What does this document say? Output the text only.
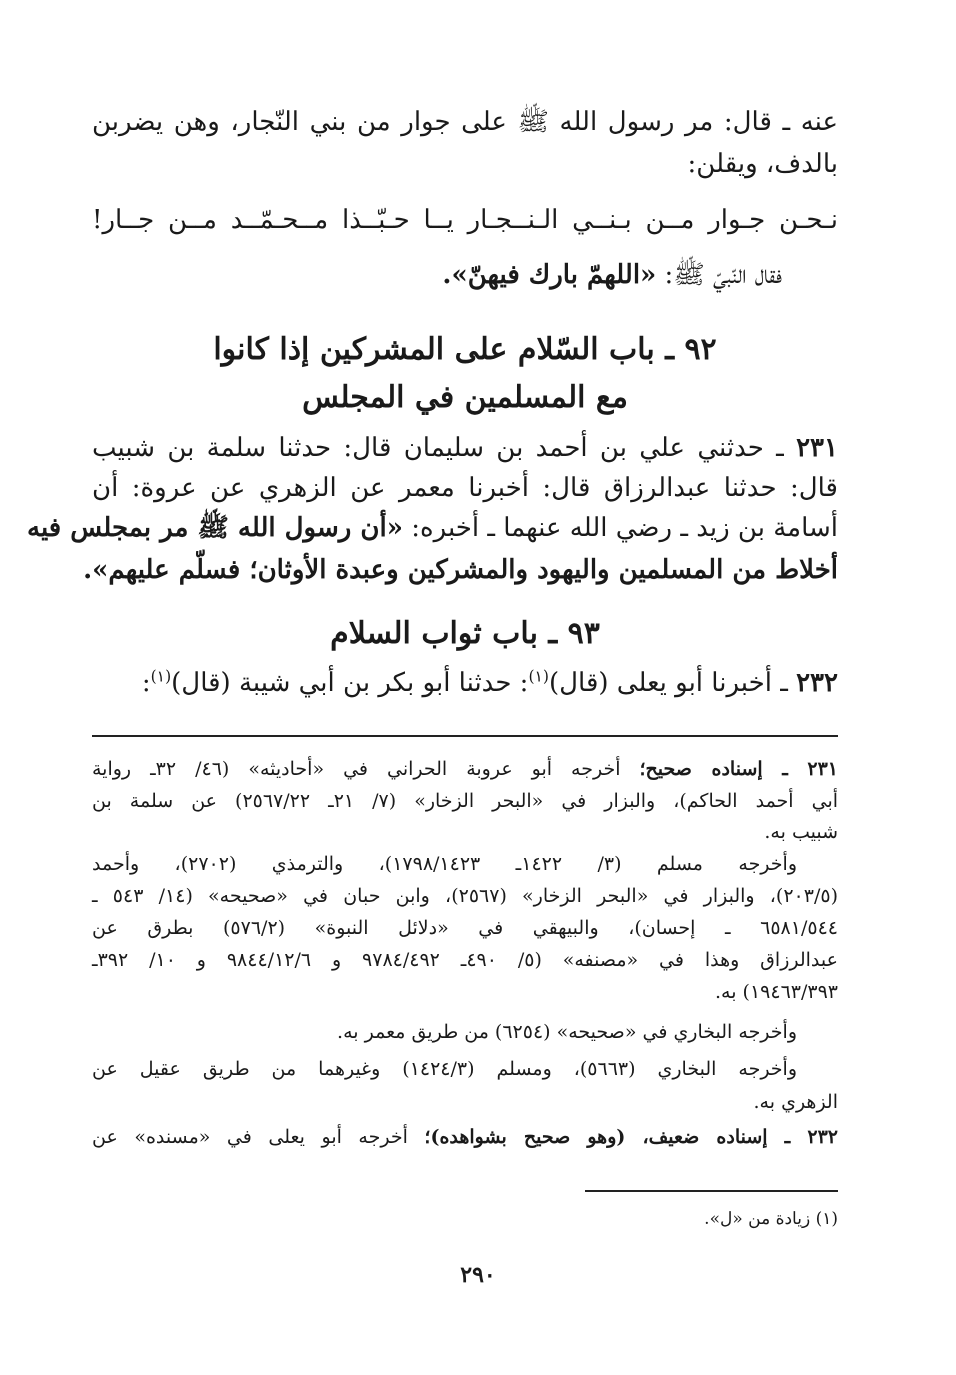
عنه ـ قال: مر رسول الله ﷺ على جوار من بني النّجار، وهن يضربن
بالدف، ويقلن:
نـحـن جـوار مــن بـنــي الـنــجـار يــا حـبّــذا مــحـمّــد مــن جــار!
فقال النّبيّ ﷺ: «اللهمّ بارك فيهنّ».
٩٢ ـ باب السّلام على المشركين إذا كانوا
مع المسلمين في المجلس
٢٣١ ـ حدثني علي بن أحمد بن سليمان قال: حدثنا سلمة بن شبيب
قال: حدثنا عبدالرزاق قال: أخبرنا معمر عن الزهري عن عروة: أن
أسامة بن زيد ـ رضي الله عنهما ـ أخبره: «أن رسول الله ﷺ مر بمجلس فيه
أخلاط من المسلمين واليهود والمشركين وعبدة الأوثان؛ فسلّم عليهم».
٩٣ ـ باب ثواب السلام
٢٣٢ ـ أخبرنا أبو يعلى (قال)$^{(١)}$: حدثنا أبو بكر بن أبي شيبة (قال)$^{(١)}$:
٢٣١ ـ إسناده صحيح؛ أخرجه أبو عروبة الحراني في «أحاديثه» (٤٦/ ٣٢ـ رواية
أبي أحمد الحاكم)، والبزار في «البحر الزخار» (٧/ ٢١ـ ٢٥٦٧/٢٢) عن سلمة بن
شبيب به.
وأخرجه مسلم (٣/ ١٤٢٢ـ ١٧٩٨/١٤٢٣)، والترمذي (٢٧٠٢)، وأحمد
(٢٠٣/٥)، والبزار في «البحر الزخار» (٢٥٦٧)، وابن حبان في «صحيحه» (١٤/ ٥٤٣ ـ
٦٥٨١/٥٤٤ ـ إحسان)، والبيهقي في «دلائل النبوة» (٥٧٦/٢) بطرق عن
عبدالرزاق وهذا في «مصنفه» (٥/ ٤٩٠ـ ٩٧٨٤/٤٩٢ و ٩٨٤٤/١٢/٦ و ١٠/ ٣٩٢ـ
١٩٤٦٣/٣٩٣) به.
وأخرجه البخاري في «صحيحه» (٦٢٥٤) من طريق معمر به.
وأخرجه البخاري (٥٦٦٣)، ومسلم (١٤٢٤/٣) وغيرهما من طريق عقيل عن
الزهري به.
٢٣٢ ـ إسناده ضعيف، (وهو صحيح بشواهده)؛ أخرجه أبو يعلى في «مسنده» عن
(١) زيادة من «ل».
٢٩٠
